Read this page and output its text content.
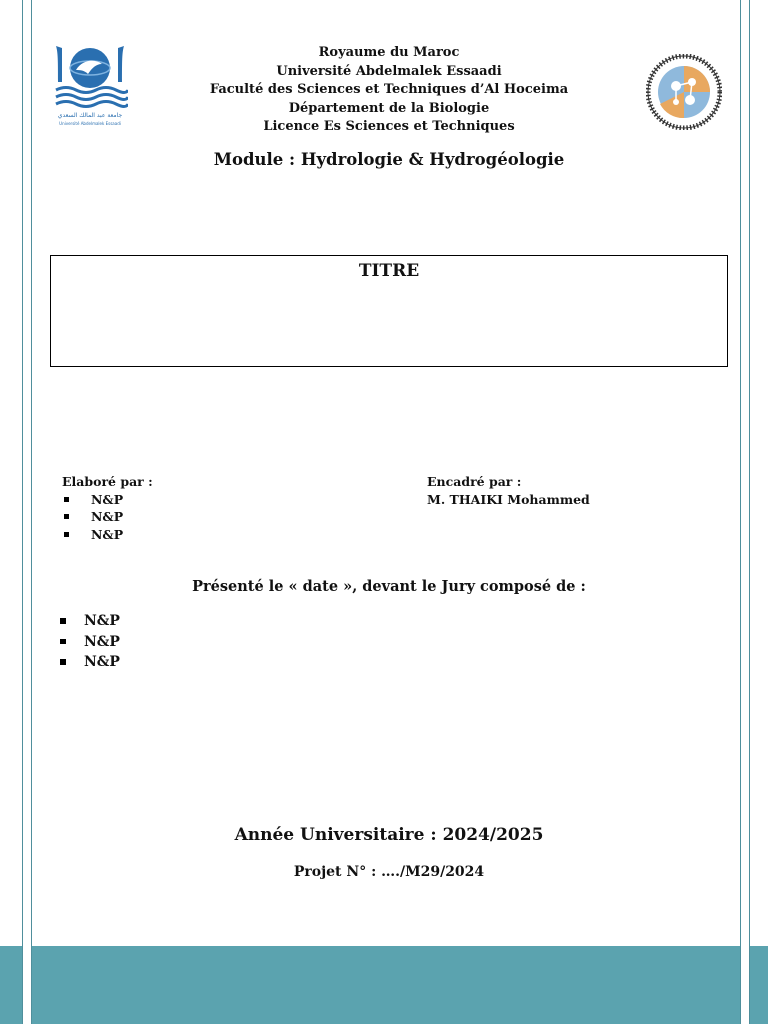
جامعة عبد المالك السعدي
Université Abdelmalek Essaadi
Royaume du Maroc
Université Abdelmalek Essaadi
Faculté des Sciences et Techniques d’Al Hoceima
Département de la Biologie
Licence Es Sciences et Techniques
Module : Hydrologie & Hydrogéologie
TITRE
Elaboré par :
N&P
N&P
N&P
Encadré par :
M. THAIKI Mohammed
Présenté le « date », devant le Jury composé de :
N&P
N&P
N&P
Année Universitaire : 2024/2025
Projet N° : …./M29/2024
